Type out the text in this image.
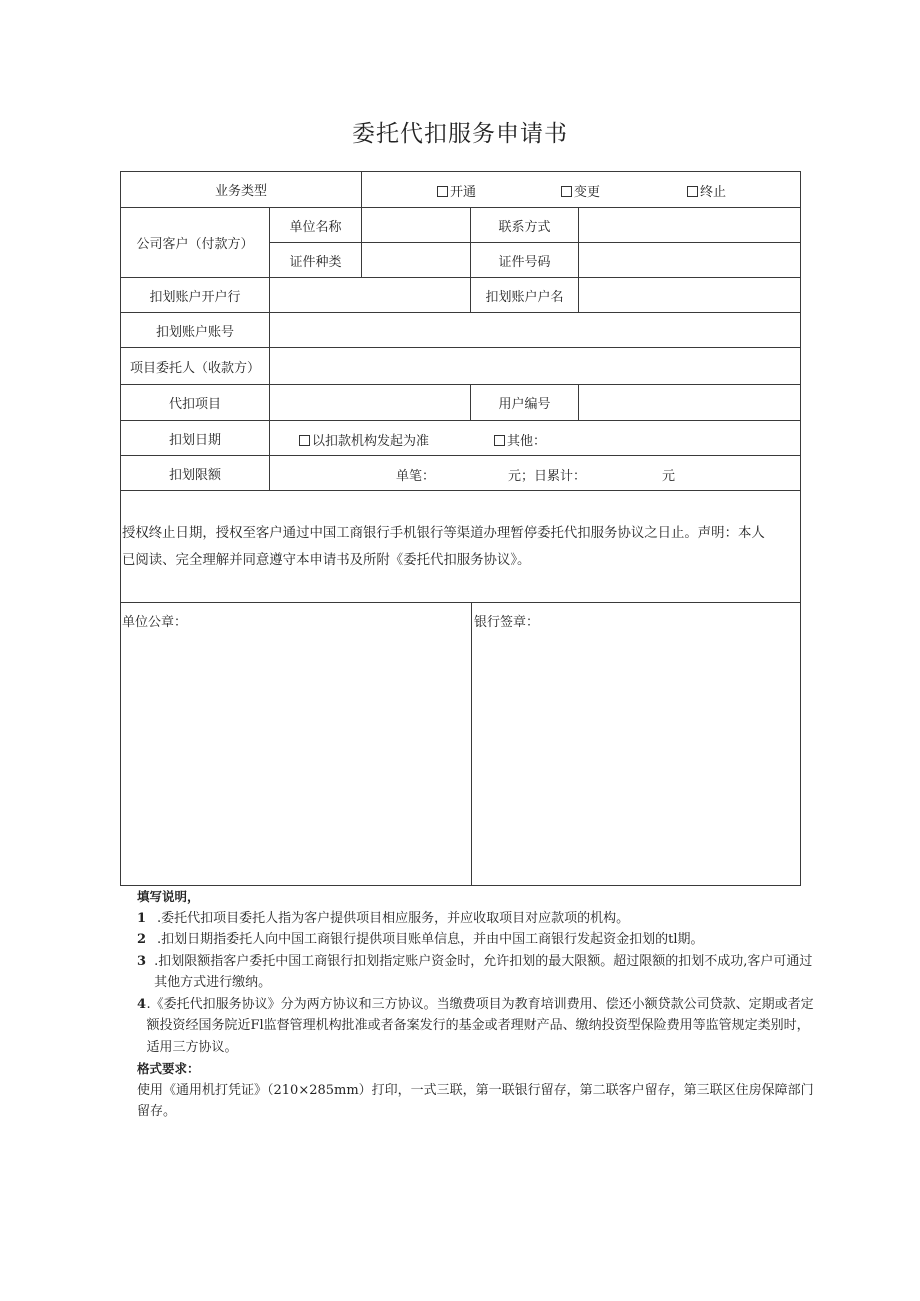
委托代扣服务申请书
业务类型	开通	变更	终止
公司客户（付款方）
单位名称	联系方式
证件种类	证件号码
扣划账户开户行	扣划账户户名
扣划账户账号
项目委托人（收款方）
代扣项目	用户编号
扣划日期	以扣款机构发起为准	其他：
扣划限额	单笔：	元；日累计：	元
授权终止日期，授权至客户通过中国工商银行手机银行等渠道办理暂停委托代扣服务协议之日止。声明：本人
已阅读、完全理解并同意遵守本申请书及所附《委托代扣服务协议》。
单位公章：	银行签章：
填写说明，
1 .委托代扣项目委托人指为客户提供项目相应服务，并应收取项目对应款项的机构。
2 .扣划日期指委托人向中国工商银行提供项目账单信息，并由中国工商银行发起资金扣划的tl期。
3 .扣划限额指客户委托中国工商银行扣划指定账户资金时，允许扣划的最大限额。超过限额的扣划不成功,客户可通过其他方式进行缴纳。
4 .《委托代扣服务协议》分为两方协议和三方协议。当缴费项目为教育培训费用、偿还小额贷款公司贷款、定期或者定额投资经国务院近Fl监督管理机构批准或者备案发行的基金或者理财产品、缴纳投资型保险费用等监管规定类别时，适用三方协议。
格式要求：
使用《通用机打凭证》（210×285mm）打印，一式三联，第一联银行留存，第二联客户留存，第三联区住房保障部门留存。
